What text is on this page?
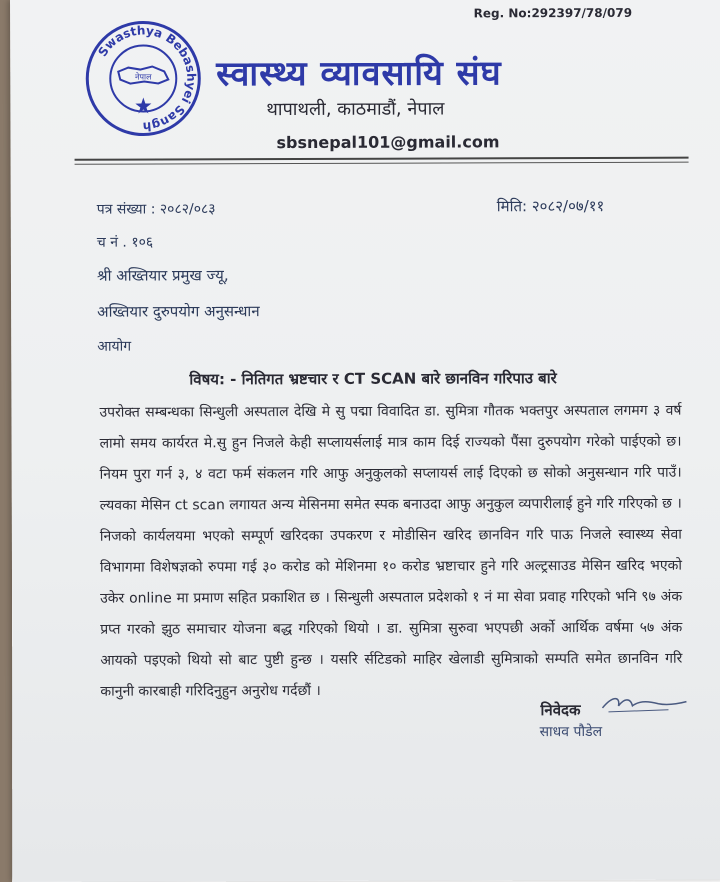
Reg. No:292397/78/079
Swasthya Bebashyei Sangh
नेपाल स्वास्थ्य व्यावसायि संघ
थापाथली, काठमाडौं, नेपाल
sbsnepal101@gmail.com
पत्र संख्या : २०८२/०८३	मिति: २०८२/०७/११
च नं . १०६
श्री अख्तियार प्रमुख ज्यू,
अख्तियार दुरुपयोग अनुसन्धान
आयोग
विषय: - नितिगत भ्रष्टचार र CT SCAN बारे छानविन गरिपाउ बारे
उपरोक्त सम्बन्धका सिन्धुली अस्पताल देखि मे सु पद्मा विवादित डा. सुमित्रा गौतक भक्तपुर अस्पताल लगमग ३ वर्ष लामो समय कार्यरत मे.सु हुन निजले केही सप्लायर्सलाई मात्र काम दिई राज्यको पैंसा दुरुपयोग गरेको पाईएको छ। नियम पुरा गर्न ३, ४ वटा फर्म संकलन गरि आफु अनुकुलको सप्लायर्स लाई दिएको छ सोको अनुसन्धान गरि पाउँ। ल्यवका मेसिन ct scan लगायत अन्य मेसिनमा समेत स्पक बनाउदा आफु अनुकुल व्यपारीलाई हुने गरि गरिएको छ । निजको कार्यलयमा भएको सम्पूर्ण खरिदका उपकरण र मोडीसिन खरिद छानविन गरि पाऊ निजले स्वास्थ्य सेवा विभागमा विशेषज्ञको रुपमा गई ३० करोड को मेशिनमा १० करोड भ्रष्टाचार हुने गरि अल्ट्रसाउड मेसिन खरिद भएको उकेर online मा प्रमाण सहित प्रकाशित छ । सिन्धुली अस्पताल प्रदेशको १ नं मा सेवा प्रवाह गरिएको भनि ९७ अंक प्रप्त गरको झुठ समाचार योजना बद्ध गरिएको थियो । डा. सुमित्रा सुरुवा भएपछी अर्को आर्थिक वर्षमा ५७ अंक आयको पइएको थियो सो बाट पुष्टी हुन्छ । यसरि र्सटिडको माहिर खेलाडी सुमित्राको सम्पति समेत छानविन गरि कानुनी कारबाही गरिदिनुहुन अनुरोध गर्दछौं ।
निवेदक
साधव पौडेल
